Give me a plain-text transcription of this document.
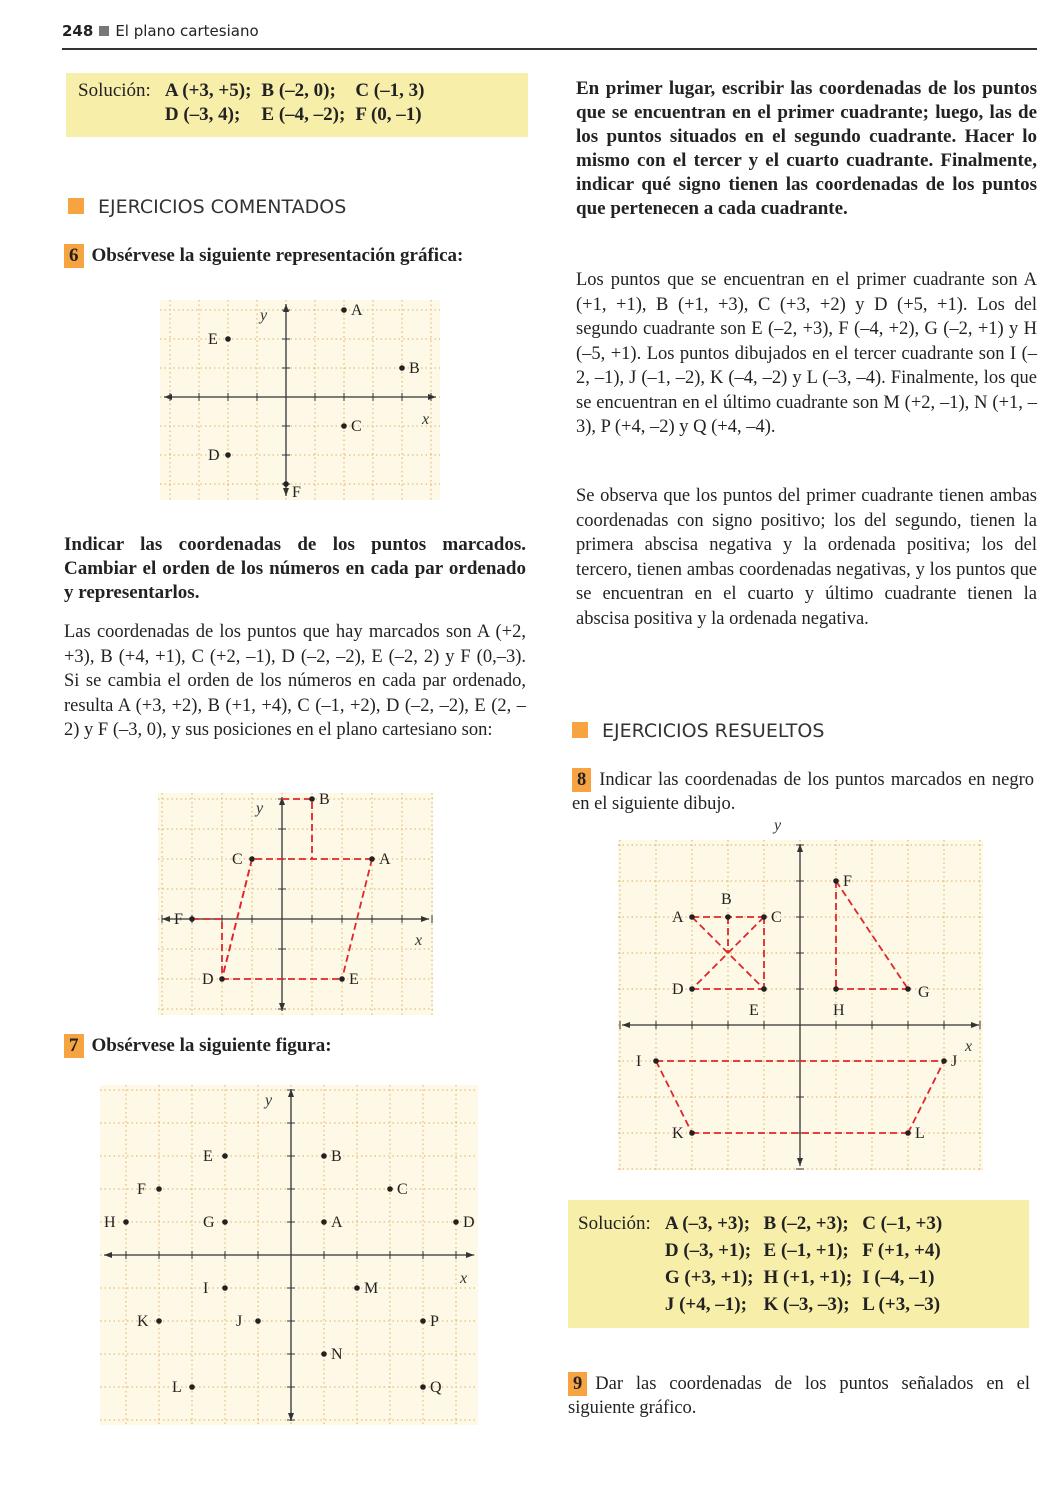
248 El plano cartesiano
Solución:	A (+3, +5);	B (–2, 0);	C (–1, 3)
	D (–3, 4);	E (–4, –2);	F (0, –1)
EJERCICIOS COMENTADOS
6 Obsérvese la siguiente representación gráfica:
x
y	A
B
C
D
E
F
Indicar las coordenadas de los puntos marcados. Cambiar el orden de los números en cada par ordenado y representarlos.
Las coordenadas de los puntos que hay marcados son A (+2, +3), B (+4, +1), C (+2, –1), D (–2, –2), E (–2, 2) y F (0,–3). Si se cambia el orden de los números en cada par ordenado, resulta A (+3, +2), B (+1, +4), C (–1, +2), D (–2, –2), E (2, – 2) y F (–3, 0), y sus posiciones en el plano cartesiano son:
x
y
A
B
C
D	E
F
7 Obsérvese la siguiente figura:
x
y
A
B
C
D
E
F
G
H
I
J
K
L
M
N
P
Q
En primer lugar, escribir las coordenadas de los puntos que se encuentran en el primer cuadrante; luego, las de los puntos situados en el segundo cuadrante. Hacer lo mismo con el tercer y el cuarto cuadrante. Finalmente, indicar qué signo tienen las coordenadas de los puntos que pertenecen a cada cuadrante.
Los puntos que se encuentran en el primer cuadrante son A (+1, +1), B (+1, +3), C (+3, +2) y D (+5, +1). Los del segundo cuadrante son E (–2, +3), F (–4, +2), G (–2, +1) y H (–5, +1). Los puntos dibujados en el tercer cuadrante son I (–2, –1), J (–1, –2), K (–4, –2) y L (–3, –4). Finalmente, los que se encuentran en el último cuadrante son M (+2, –1), N (+1, –3), P (+4, –2) y Q (+4, –4).
Se observa que los puntos del primer cuadrante tienen ambas coordenadas con signo positivo; los del segundo, tienen la primera abscisa negativa y la ordenada positiva; los del tercero, tienen ambas coordenadas negativas, y los puntos que se encuentran en el cuarto y último cuadrante tienen la abscisa positiva y la ordenada negativa.
EJERCICIOS RESUELTOS
8 Indicar las coordenadas de los puntos marcados en negro en el siguiente dibujo.
x
y
A
B
C
D
E
F
G
H
I	J
K	L
Solución:	A (–3, +3);	B (–2, +3);	C (–1, +3)
	D (–3, +1);	E (–1, +1);	F (+1, +4)
	G (+3, +1);	H (+1, +1);	I (–4, –1)
	J (+4, –1);	K (–3, –3);	L (+3, –3)
9 Dar las coordenadas de los puntos señalados en el siguiente gráfico.
